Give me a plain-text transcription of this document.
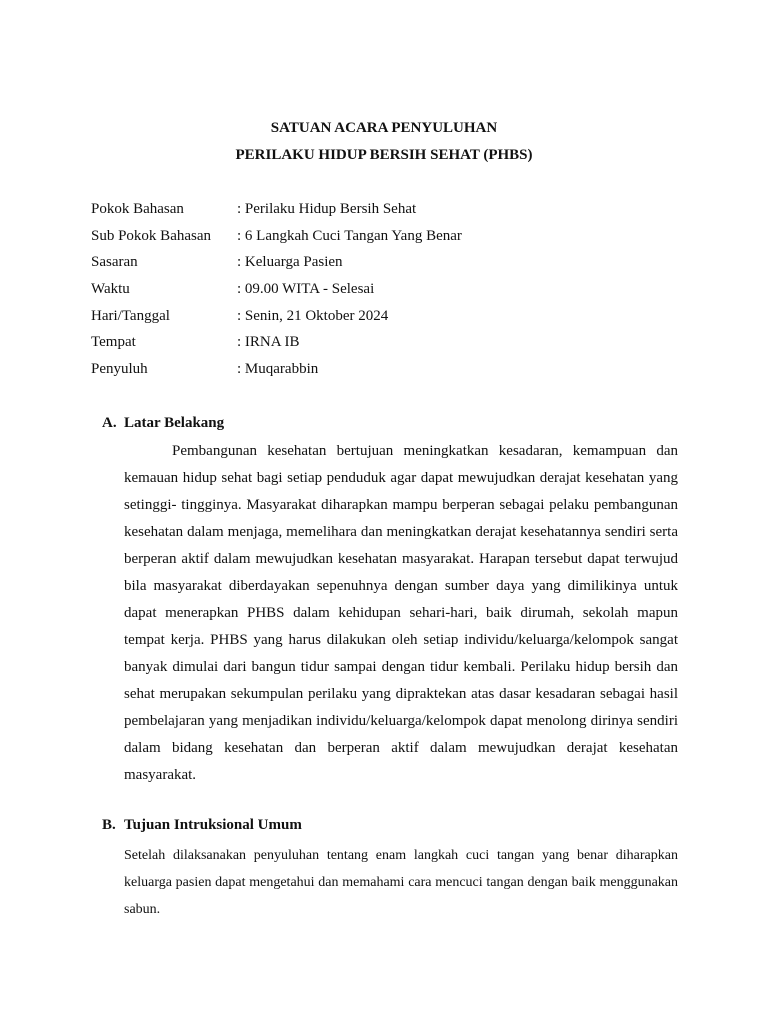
SATUAN ACARA PENYULUHAN
PERILAKU HIDUP BERSIH SEHAT (PHBS)
Pokok Bahasan	: Perilaku Hidup Bersih Sehat
Sub Pokok Bahasan : 6 Langkah Cuci Tangan Yang Benar
Sasaran	: Keluarga Pasien
Waktu	: 09.00 WITA - Selesai
Hari/Tanggal	: Senin, 21 Oktober 2024
Tempat	: IRNA IB
Penyuluh	: Muqarabbin
A. Latar Belakang

Pembangunan kesehatan bertujuan meningkatkan kesadaran, kemampuan dan kemauan hidup sehat bagi setiap penduduk agar dapat mewujudkan derajat kesehatan yang setinggi- tingginya. Masyarakat diharapkan mampu berperan sebagai pelaku pembangunan kesehatan dalam menjaga, memelihara dan meningkatkan derajat kesehatannya sendiri serta berperan aktif dalam mewujudkan kesehatan masyarakat. Harapan tersebut dapat terwujud bila masyarakat diberdayakan sepenuhnya dengan sumber daya yang dimilikinya untuk dapat menerapkan PHBS dalam kehidupan sehari-hari, baik dirumah, sekolah mapun tempat kerja. PHBS yang harus dilakukan oleh setiap individu/keluarga/kelompok sangat banyak dimulai dari bangun tidur sampai dengan tidur kembali. Perilaku hidup bersih dan sehat merupakan sekumpulan perilaku yang dipraktekan atas dasar kesadaran sebagai hasil pembelajaran yang menjadikan individu/keluarga/kelompok dapat menolong dirinya sendiri dalam bidang kesehatan dan berperan aktif dalam mewujudkan derajat kesehatan masyarakat.

B. Tujuan Intruksional Umum

Setelah dilaksanakan penyuluhan tentang enam langkah cuci tangan yang benar diharapkan keluarga pasien dapat mengetahui dan memahami cara mencuci tangan dengan baik menggunakan sabun.
